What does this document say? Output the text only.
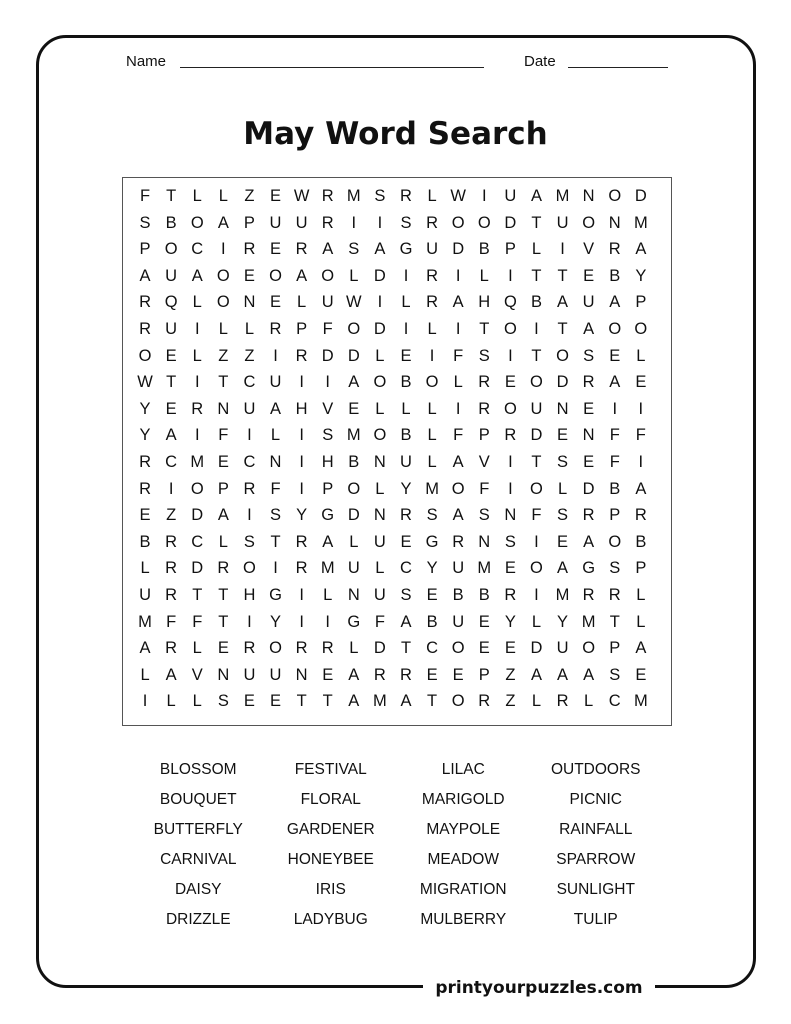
printyourpuzzles.com
Name	Date
May Word Search
F T L	L Z E W R M S R L W I	U A M N O D
S B O A P U U R	I	I	S R O O D T U O N M
P O C	I	R E R A S A G U D B P L	I	V R A
A U A O E O A O L D	I	R	I	L	I	T T E B Y
R Q L O N E L U W I	L R A H Q B A U A P
R U	I	L	L R P F O D	I	L	I	T O	I	T A O O
O E L Z Z	I	R D D L E	I	F S	I	T O S E L
W T	I	T C U	I	I	A O B O L R E O D R A E
Y E R N U A H V E L	L	L	I	R O U N E	I	I
Y A	I	F	I	L	I	S M O B L F P R D E N F F
R C M E C N	I	H B N U L A V	I	T S E F	I
R	I	O P R F	I	P O L Y M O F	I	O L D B A
E Z D A	I	S Y G D N R S A S N F S R P R
B R C L S T R A L U E G R N S	I	E A O B
L R D R O	I	R M U L C Y U M E O A G S P
U R T T H G	I	L N U S E B B R	I	M R R L
M F F T	I	Y	I	I	G F A B U E Y L Y M T L
A R L E R O R R L D T C O E E D U O P A
L A V N U U N E A R R E E P Z A A A S E
I	L	L S E E T T A M A T O R Z L R L C M
BLOSSOM	FESTIVAL	LILAC	OUTDOORS
BOUQUET	FLORAL	MARIGOLD	PICNIC
BUTTERFLY	GARDENER	MAYPOLE	RAINFALL
CARNIVAL	HONEYBEE	MEADOW	SPARROW
DAISY	IRIS	MIGRATION	SUNLIGHT
DRIZZLE	LADYBUG	MULBERRY	TULIP
